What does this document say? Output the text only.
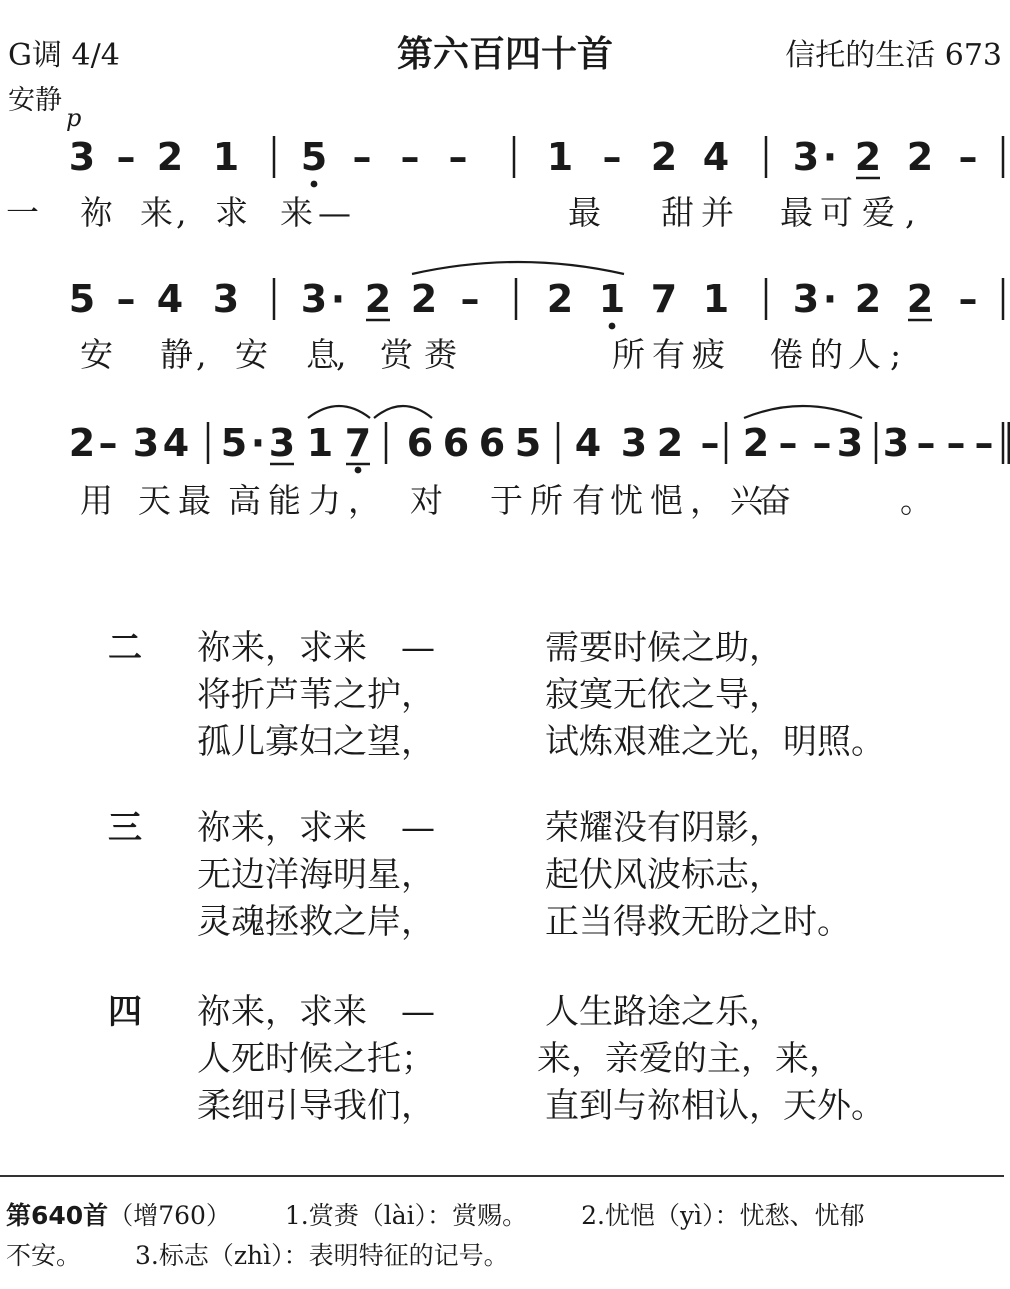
G调 4/4
安静
p
第六百四十首	信托的生活 673
一
3 – 2 1 5 – – – 1 – 2 4 3 · 2 2 –
祢 来 , 求 来 —	最 甜 并 最 可 爱 ,
5 – 4 3 3 · 2 2 – 2 1 7 1 3 · 2 2 –
安 静 , 安 息
, 赏 赉	所 有 疲 倦 的 人 ;
2 – 3 4 5 · 3 1 7 6 6 6 5 4 3 2 – 2 – – 3 3 – – –
用 天 最 高 能 力 ， 对 于 所 有 忧 悒 ， 兴
奋	。
二 祢来，求来　—	需要时候之助，
将折芦苇之护，	寂寞无依之导，
孤儿寡妇之望，	试炼艰难之光，明照。
三 祢来，求来　—	荣耀没有阴影，
无边洋海明星，	起伏风波标志，
灵魂拯救之岸，	正当得救无盼之时。
四 祢来，求来　—	人生路途之乐，
人死时候之托；	来，亲爱的主，来，
柔细引导我们，	直到与祢相认，天外。
第640首（增760） 1.赏赉（lài）：赏赐。 2.忧悒（yì）：忧愁、忧郁
不安。 3.标志（zhì）：表明特征的记号。
